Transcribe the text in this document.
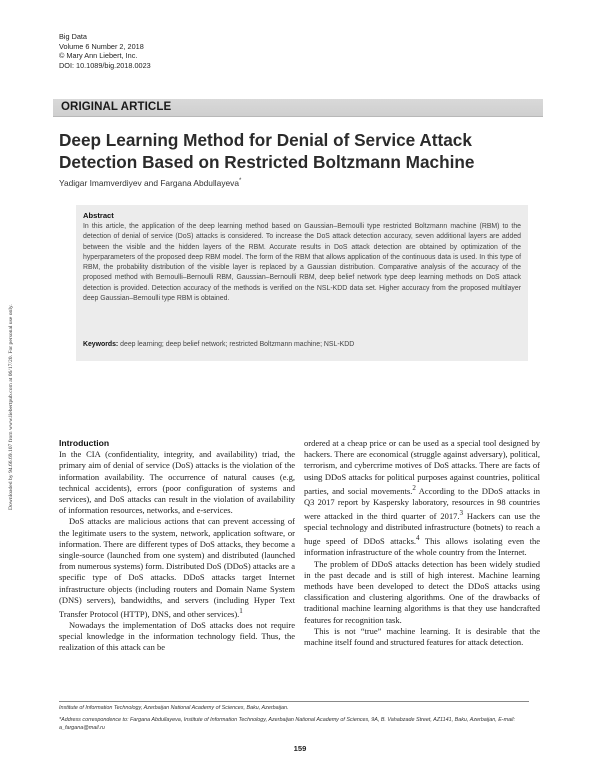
Big Data
Volume 6 Number 2, 2018
© Mary Ann Liebert, Inc.
DOI: 10.1089/big.2018.0023
ORIGINAL ARTICLE
Deep Learning Method for Denial of Service Attack Detection Based on Restricted Boltzmann Machine
Yadigar Imamverdiyev and Fargana Abdullayeva*

Abstract

In this article, the application of the deep learning method based on Gaussian–Bernoulli type restricted Boltzmann machine (RBM) to the detection of denial of service (DoS) attacks is considered. To increase the DoS attack detection accuracy, seven additional layers are added between the visible and the hidden layers of the RBM. Accurate results in DoS attack detection are obtained by optimization of the hyperparameters of the proposed deep RBM model. The form of the RBM that allows application of the continuous data is used. In this type of RBM, the probability distribution of the visible layer is replaced by a Gaussian distribution. Comparative analysis of the accuracy of the proposed method with Bernoulli–Bernoulli RBM, Gaussian–Bernoulli RBM, deep belief network type deep learning methods on DoS attack detection is provided. Detection accuracy of the methods is verified on the NSL-KDD data set. Higher accuracy from the proposed multilayer deep Gaussian–Bernoulli type RBM is obtained.

Keywords: deep learning; deep belief network; restricted Boltzmann machine; NSL-KDD
Downloaded by 94.66.69.107 from www.liebertpub.com at 06/17/20. For personal use only.	Introduction

In the CIA (confidentiality, integrity, and availability) triad, the primary aim of denial of service (DoS) attacks is the violation of the information availability. The occurrence of natural causes (e.g, technical accidents), errors (poor configuration of systems and services), and DoS attacks can result in the violation of availability of information resources, networks, and e-services.

DoS attacks are malicious actions that can prevent accessing of the legitimate users to the system, network, application software, or information. There are different types of DoS attacks, they become a single-source (launched from one system) and distributed (launched from numerous systems) form. Distributed DoS (DDoS) attacks are a specific type of DoS attacks. DDoS attacks target Internet infrastructure objects (including routers and Domain Name System (DNS) servers), bandwidths, and servers (including Hyper Text Transfer Protocol (HTTP), DNS, and other services).$^1$

Nowadays the implementation of DoS attacks does not require special knowledge in the information technology field. Thus, the realization of this attack can be

ordered at a cheap price or can be used as a special tool designed by hackers. There are economical (struggle against adversary), political, terrorism, and cybercrime motives of DoS attacks. There are facts of using DDoS attacks for political purposes against countries, political parties, and social movements.$^2$ According to the DDoS attacks in Q3 2017 report by Kaspersky laboratory, resources in 98 countries were attacked in the third quarter of 2017.$^3$ Hackers can use the special technology and distributed infrastructure (botnets) to reach a huge speed of DDoS attacks.$^4$ This allows isolating even the information infrastructure of the whole country from the Internet.

The problem of DDoS attacks detection has been widely studied in the past decade and is still of high interest. Machine learning methods have been developed to detect the DDoS attacks using classification and clustering algorithms. One of the drawbacks of traditional machine learning algorithms is that they use handcrafted features for recognition task.

This is not “true” machine learning. It is desirable that the machine itself found and structured features for attack detection.

Institute of Information Technology, Azerbaijan National Academy of Sciences, Baku, Azerbaijan.
*Address correspondence to: Fargana Abdullayeva, Institute of Information Technology, Azerbaijan National Academy of Sciences, 9A, B. Vahabzade Street, AZ1141, Baku, Azerbaijan, E-mail: a_fargana@mail.ru
159
